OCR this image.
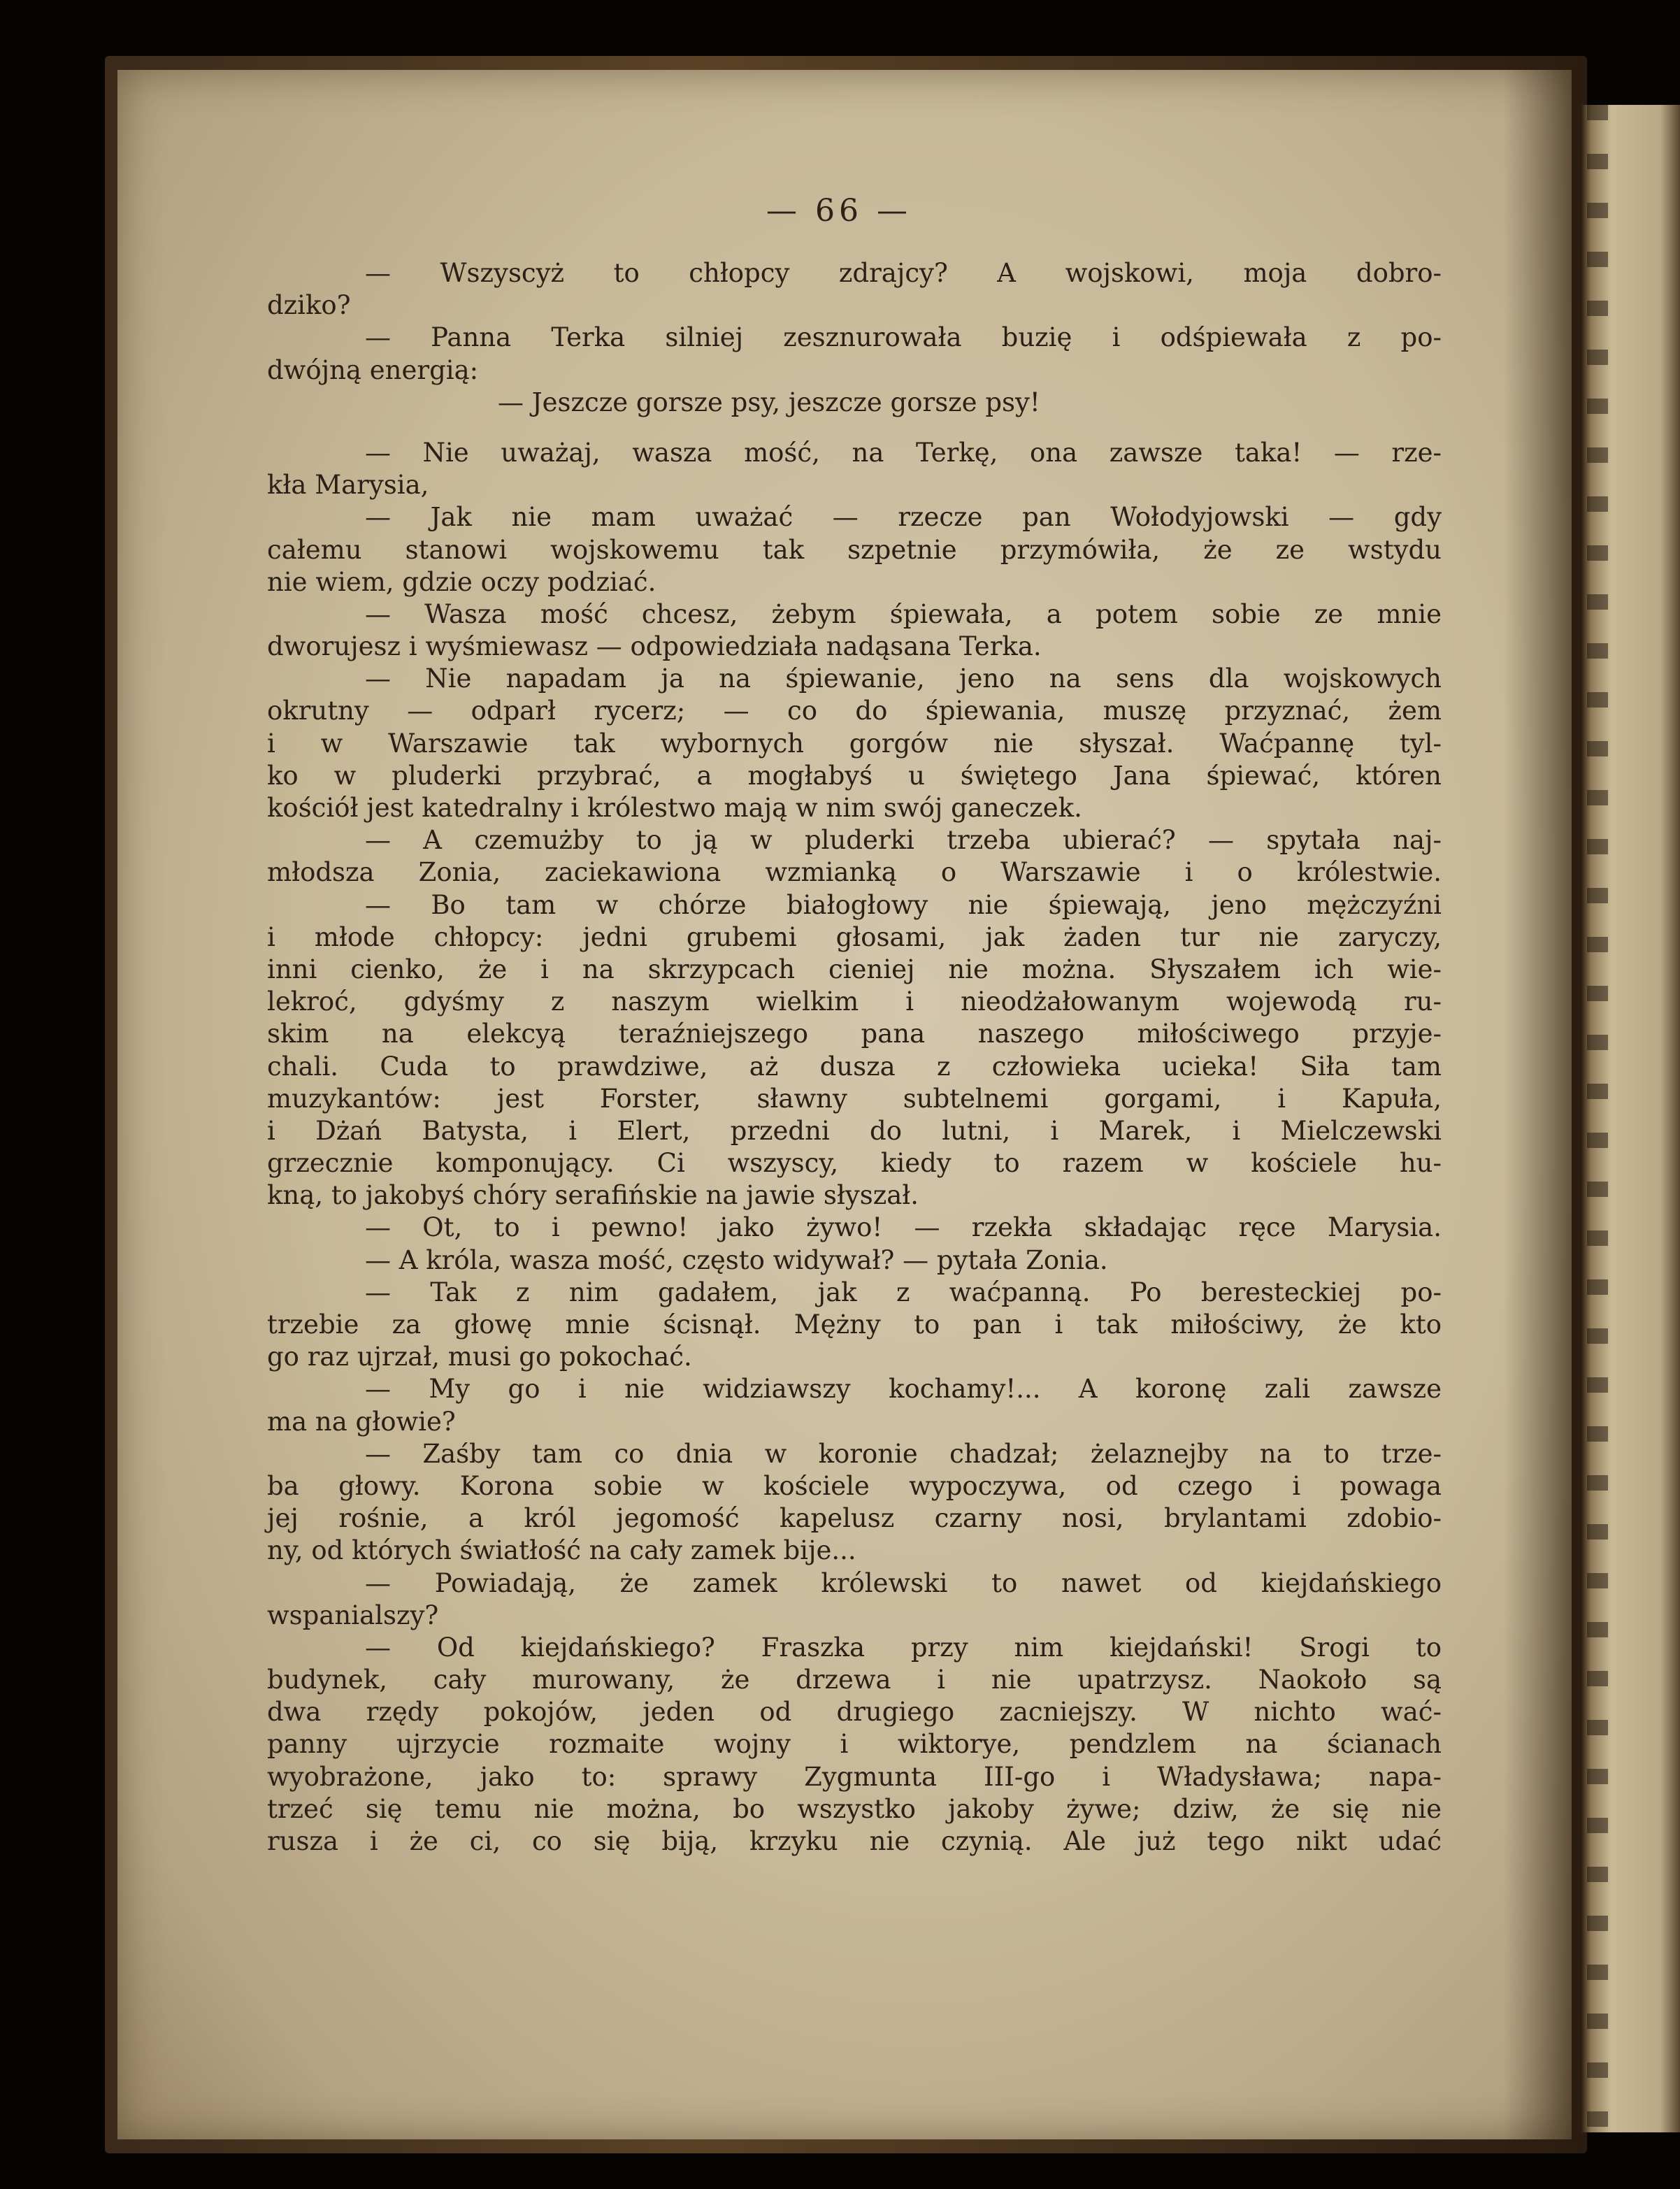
— 66 —
— Wszyscyż to chłopcy zdrajcy? A wojskowi, moja dobro-
dziko?
— Panna Terka silniej zesznurowała buzię i odśpiewała z po-
dwójną energią:
— Jeszcze gorsze psy, jeszcze gorsze psy!
— Nie uważaj, wasza mość, na Terkę, ona zawsze taka! — rze-
kła Marysia,
— Jak nie mam uważać — rzecze pan Wołodyjowski — gdy
całemu stanowi wojskowemu tak szpetnie przymówiła, że ze wstydu
nie wiem, gdzie oczy podziać.
— Wasza mość chcesz, żebym śpiewała, a potem sobie ze mnie
dworujesz i wyśmiewasz — odpowiedziała nadąsana Terka.
— Nie napadam ja na śpiewanie, jeno na sens dla wojskowych
okrutny — odparł rycerz; — co do śpiewania, muszę przyznać, żem
i w Warszawie tak wybornych gorgów nie słyszał. Waćpannę tyl-
ko w pluderki przybrać, a mogłabyś u świętego Jana śpiewać, któren
kościół jest katedralny i królestwo mają w nim swój ganeczek.
— A czemużby to ją w pluderki trzeba ubierać? — spytała naj-
młodsza Zonia, zaciekawiona wzmianką o Warszawie i o królestwie.
— Bo tam w chórze białogłowy nie śpiewają, jeno mężczyźni
i młode chłopcy: jedni grubemi głosami, jak żaden tur nie zaryczy,
inni cienko, że i na skrzypcach cieniej nie można. Słyszałem ich wie-
lekroć, gdyśmy z naszym wielkim i nieodżałowanym wojewodą ru-
skim na elekcyą teraźniejszego pana naszego miłościwego przyje-
chali. Cuda to prawdziwe, aż dusza z człowieka ucieka! Siła tam
muzykantów: jest Forster, sławny subtelnemi gorgami, i Kapuła,
i Dżań Batysta, i Elert, przedni do lutni, i Marek, i Mielczewski
grzecznie komponujący. Ci wszyscy, kiedy to razem w kościele hu-
kną, to jakobyś chóry serafińskie na jawie słyszał.
— Ot, to i pewno! jako żywo! — rzekła składając ręce Marysia.
— A króla, wasza mość, często widywał? — pytała Zonia.
— Tak z nim gadałem, jak z waćpanną. Po beresteckiej po-
trzebie za głowę mnie ścisnął. Mężny to pan i tak miłościwy, że kto
go raz ujrzał, musi go pokochać.
— My go i nie widziawszy kochamy!... A koronę zali zawsze
ma na głowie?
— Zaśby tam co dnia w koronie chadzał; żelaznejby na to trze-
ba głowy. Korona sobie w kościele wypoczywa, od czego i powaga
jej rośnie, a król jegomość kapelusz czarny nosi, brylantami zdobio-
ny, od których światłość na cały zamek bije...
— Powiadają, że zamek królewski to nawet od kiejdańskiego
wspanialszy?
— Od kiejdańskiego? Fraszka przy nim kiejdański! Srogi to
budynek, cały murowany, że drzewa i nie upatrzysz. Naokoło są
dwa rzędy pokojów, jeden od drugiego zacniejszy. W nichto wać-
panny ujrzycie rozmaite wojny i wiktorye, pendzlem na ścianach
wyobrażone, jako to: sprawy Zygmunta III-go i Władysława; napa-
trzeć się temu nie można, bo wszystko jakoby żywe; dziw, że się nie
rusza i że ci, co się biją, krzyku nie czynią. Ale już tego nikt udać
